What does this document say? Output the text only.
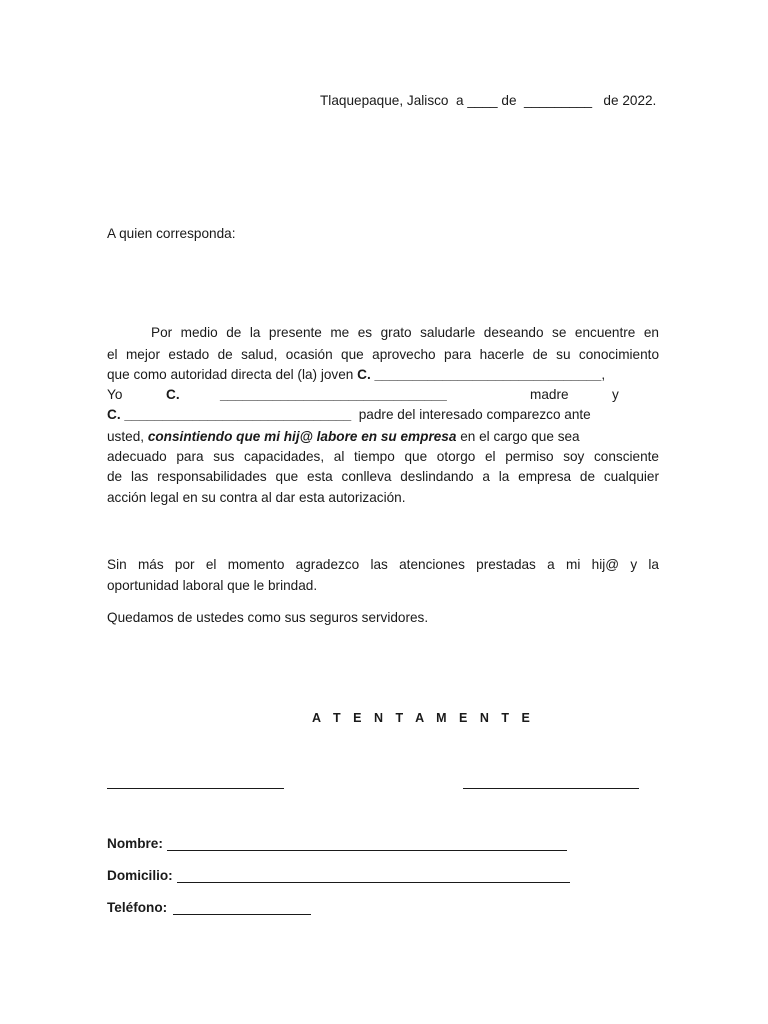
Tlaquepaque, Jalisco  a ____ de  _________   de 2022.
A quien corresponda:
Por medio de la presente me es grato saludarle deseando se encuentre en
el mejor estado de salud, ocasión que aprovecho para hacerle de su conocimiento
que como autoridad directa del (la) joven C. ______________________________,
Yo	C.	______________________________	madre	y
C. ______________________________  padre del interesado comparezco ante
usted, consintiendo que mi hij@ labore en su empresa en el cargo que sea
adecuado para sus capacidades, al tiempo que otorgo el permiso soy consciente
de las responsabilidades que esta conlleva deslindando a la empresa de cualquier
acción legal en su contra al dar esta autorización.
Sin más por el momento agradezco las atenciones prestadas a mi hij@ y la
oportunidad laboral que le brindad.
Quedamos de ustedes como sus seguros servidores.
A T E N T A M E N T E
Nombre:
Domicilio:
Teléfono:
